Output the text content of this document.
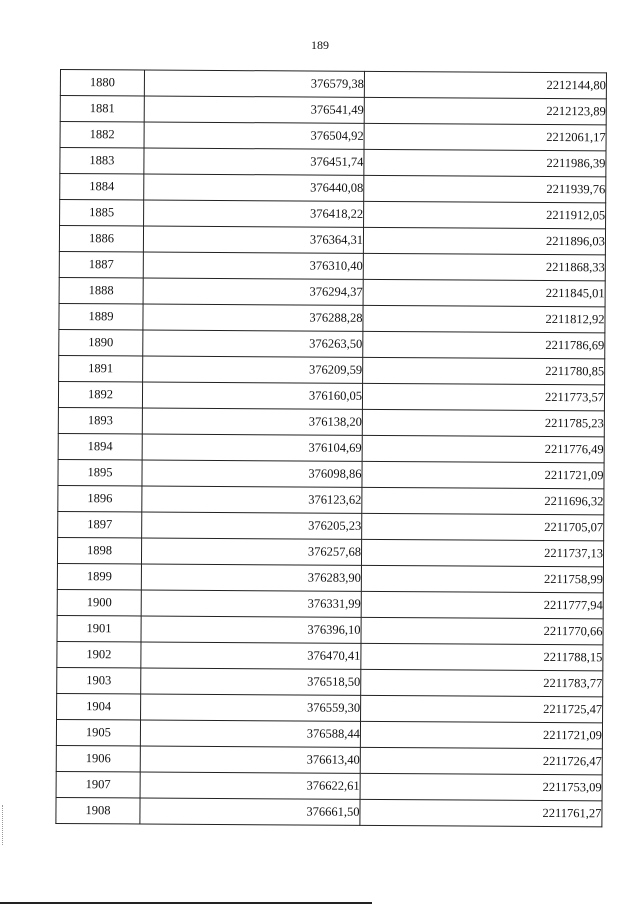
189
1880	376579,38	2212144,80
1881	376541,49	2212123,89
1882	376504,92	2212061,17
1883	376451,74	2211986,39
1884	376440,08	2211939,76
1885	376418,22	2211912,05
1886	376364,31	2211896,03
1887	376310,40	2211868,33
1888	376294,37	2211845,01
1889	376288,28	2211812,92
1890	376263,50	2211786,69
1891	376209,59	2211780,85
1892	376160,05	2211773,57
1893	376138,20	2211785,23
1894	376104,69	2211776,49
1895	376098,86	2211721,09
1896	376123,62	2211696,32
1897	376205,23	2211705,07
1898	376257,68	2211737,13
1899	376283,90	2211758,99
1900	376331,99	2211777,94
1901	376396,10	2211770,66
1902	376470,41	2211788,15
1903	376518,50	2211783,77
1904	376559,30	2211725,47
1905	376588,44	2211721,09
1906	376613,40	2211726,47
1907	376622,61	2211753,09
1908	376661,50	2211761,27
